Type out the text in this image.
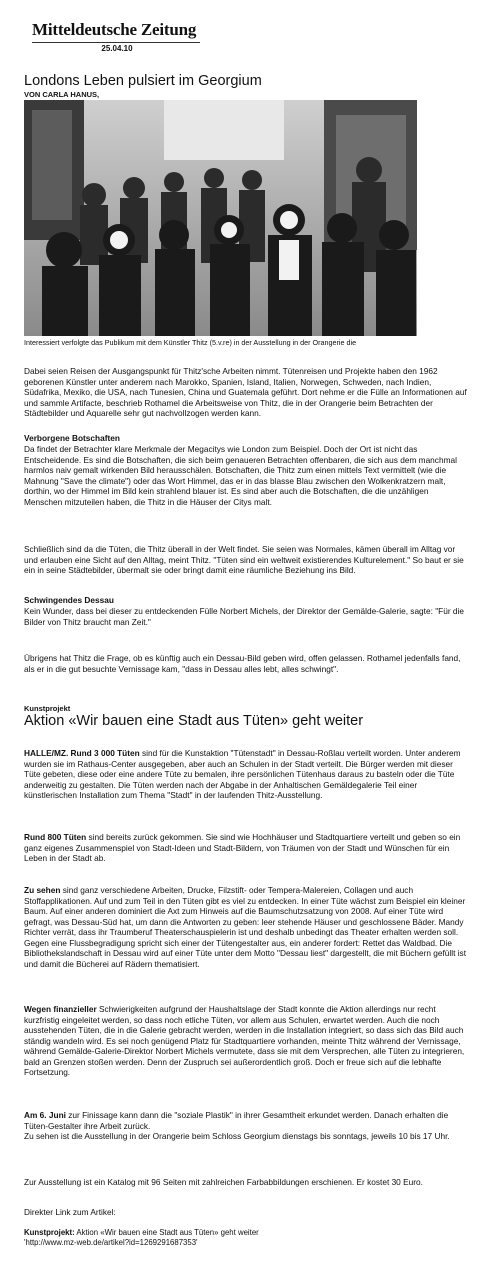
Mitteldeutsche Zeitung
25.04.10
Londons Leben pulsiert im Georgium
VON CARLA HANUS,
Interessiert verfolgte das Publikum mit dem Künstler Thitz (5.v.re) in der Ausstellung in der Orangerie die
Dabei seien Reisen der Ausgangspunkt für Thitz'sche Arbeiten nimmt. Tütenreisen und Projekte haben den 1962 geborenen Künstler unter anderem nach Marokko, Spanien, Island, Italien, Norwegen, Schweden, nach Indien, Südafrika, Mexiko, die USA, nach Tunesien, China und Guatemala geführt. Dort nehme er die Fülle an Informationen auf und sammle Artifacte, beschrieb Rothamel die Arbeitsweise von Thitz, die in der Orangerie beim Betrachten der Städtebilder und Aquarelle sehr gut nachvollzogen werden kann.
Verborgene Botschaften
Da findet der Betrachter klare Merkmale der Megacitys wie London zum Beispiel. Doch der Ort ist nicht das Entscheidende. Es sind die Botschaften, die sich beim genaueren Betrachten offenbaren, die sich aus dem manchmal harmlos naiv gemalt wirkenden Bild herausschälen. Botschaften, die Thitz zum einen mittels Text vermittelt (wie die Mahnung "Save the climate") oder das Wort Himmel, das er in das blasse Blau zwischen den Wolkenkratzern malt, dorthin, wo der Himmel im Bild kein strahlend blauer ist. Es sind aber auch die Botschaften, die die unzähligen Menschen mitzuteilen haben, die Thitz in die Häuser der Citys malt.
Schließlich sind da die Tüten, die Thitz überall in der Welt findet. Sie seien was Normales, kämen überall im Alltag vor und erlauben eine Sicht auf den Alltag, meint Thitz. "Tüten sind ein weltweit existierendes Kulturelement." So baut er sie ein in seine Städtebilder, übermalt sie oder bringt damit eine räumliche Beziehung ins Bild.
Schwingendes Dessau
Kein Wunder, dass bei dieser zu entdeckenden Fülle Norbert Michels, der Direktor der Gemälde-Galerie, sagte: "Für die Bilder von Thitz braucht man Zeit."
Übrigens hat Thitz die Frage, ob es künftig auch ein Dessau-Bild geben wird, offen gelassen. Rothamel jedenfalls fand, als er in die gut besuchte Vernissage kam, "dass in Dessau alles lebt, alles schwingt".
Kunstprojekt
Aktion «Wir bauen eine Stadt aus Tüten» geht weiter
HALLE/MZ. Rund 3 000 Tüten sind für die Kunstaktion "Tütenstadt" in Dessau-Roßlau verteilt worden. Unter anderem wurden sie im Rathaus-Center ausgegeben, aber auch an Schulen in der Stadt verteilt. Die Bürger werden mit dieser Tüte gebeten, diese oder eine andere Tüte zu bemalen, ihre persönlichen Tütenhaus daraus zu basteln oder die Tüte anderweitig zu gestalten. Die Tüten werden nach der Abgabe in der Anhaltischen Gemäldegalerie Teil einer künstlerischen Installation zum Thema "Stadt" in der laufenden Thitz-Ausstellung.
Rund 800 Tüten sind bereits zurück gekommen. Sie sind wie Hochhäuser und Stadtquartiere verteilt und geben so ein ganz eigenes Zusammenspiel von Stadt-Ideen und Stadt-Bildern, von Träumen von der Stadt und Wünschen für ein Leben in der Stadt ab.
Zu sehen sind ganz verschiedene Arbeiten, Drucke, Filzstift- oder Tempera-Malereien, Collagen und auch Stoffapplikationen. Auf und zum Teil in den Tüten gibt es viel zu entdecken. In einer Tüte wächst zum Beispiel ein kleiner Baum. Auf einer anderen dominiert die Axt zum Hinweis auf die Baumschutzsatzung von 2008. Auf einer Tüte wird gefragt, was Dessau-Süd hat, um dann die Antworten zu geben: leer stehende Häuser und geschlossene Bäder. Mandy Richter verrät, dass ihr Traumberuf Theaterschauspielerin ist und deshalb unbedingt das Theater erhalten werden soll. Gegen eine Flussbegradigung spricht sich einer der Tütengestalter aus, ein anderer fordert: Rettet das Waldbad. Die Bibliothekslandschaft in Dessau wird auf einer Tüte unter dem Motto "Dessau liest" dargestellt, die mit Büchern gefüllt ist und damit die Bücherei auf Rädern thematisiert.
Wegen finanzieller Schwierigkeiten aufgrund der Haushaltslage der Stadt konnte die Aktion allerdings nur recht kurzfristig eingeleitet werden, so dass noch etliche Tüten, vor allem aus Schulen, erwartet werden. Auch die noch ausstehenden Tüten, die in die Galerie gebracht werden, werden in die Installation integriert, so dass sich das Bild auch ständig wandeln wird. Es sei noch genügend Platz für Stadtquartiere vorhanden, meinte Thitz während der Vernissage, während Gemälde-Galerie-Direktor Norbert Michels vermutete, dass sie mit dem Versprechen, alle Tüten zu integrieren, bald an Grenzen stoßen werden. Denn der Zuspruch sei außerordentlich groß. Doch er freue sich auf die lebhafte Fortsetzung.
Am 6. Juni zur Finissage kann dann die "soziale Plastik" in ihrer Gesamtheit erkundet werden. Danach erhalten die Tüten-Gestalter ihre Arbeit zurück.
Zu sehen ist die Ausstellung in der Orangerie beim Schloss Georgium dienstags bis sonntags, jeweils 10 bis 17 Uhr.
Zur Ausstellung ist ein Katalog mit 96 Seiten mit zahlreichen Farbabbildungen erschienen. Er kostet 30 Euro.
Direkter Link zum Artikel:
Kunstprojekt: Aktion «Wir bauen eine Stadt aus Tüten» geht weiter
'http://www.mz-web.de/artikel?id=1269291687353'
